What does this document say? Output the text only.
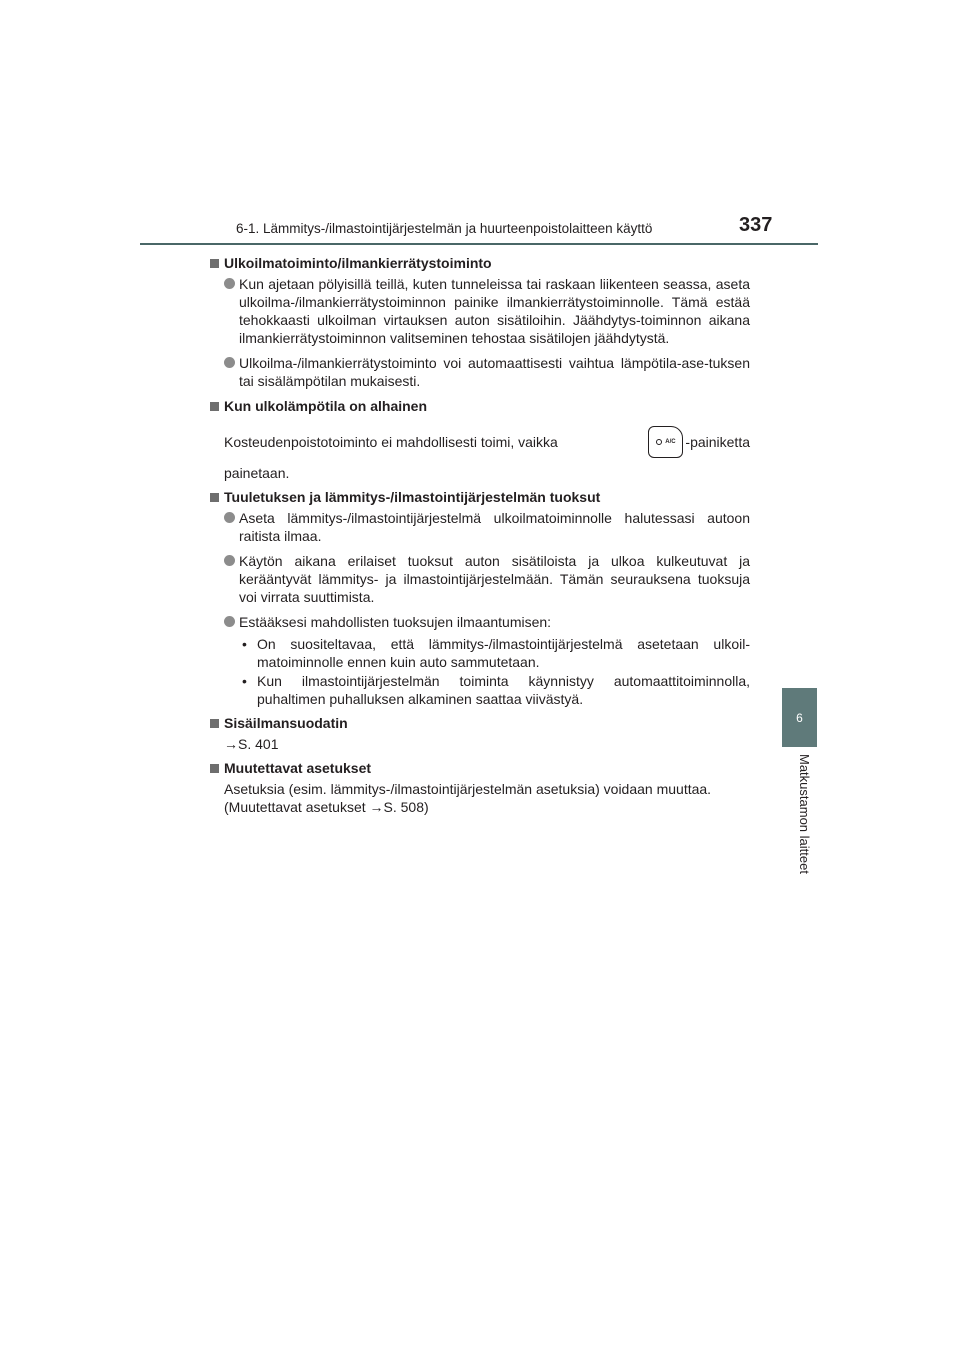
6-1. Lämmitys-/ilmastointijärjestelmän ja huurteenpoistolaitteen käyttö	337
6
Matkustamon laitteet
Ulkoilmatoiminto/ilmankierrätystoiminto
Kun ajetaan pölyisillä teillä, kuten tunneleissa tai raskaan liikenteen seassa, aseta ulkoilma-/ilmankierrätystoiminnon painike ilmankierrätystoiminnolle. Tämä estää tehokkaasti ulkoilman virtauksen auton sisätiloihin. Jäähdytys-toiminnon aikana ilmankierrätystoiminnon valitseminen tehostaa sisätilojen jäähdytystä.
Ulkoilma-/ilmankierrätystoiminto voi automaattisesti vaihtua lämpötila-ase-tuksen tai sisälämpötilan mukaisesti.
Kun ulkolämpötila on alhainen
Kosteudenpoistotoiminto ei mahdollisesti toimi, vaikka	A/C -painiketta
painetaan.
Tuuletuksen ja lämmitys-/ilmastointijärjestelmän tuoksut
Aseta lämmitys-/ilmastointijärjestelmä ulkoilmatoiminnolle halutessasi autoon raitista ilmaa.
Käytön aikana erilaiset tuoksut auton sisätiloista ja ulkoa kulkeutuvat ja kerääntyvät lämmitys- ja ilmastointijärjestelmään. Tämän seurauksena tuoksuja voi virrata suuttimista.
Estääksesi mahdollisten tuoksujen ilmaantumisen:
• On suositeltavaa, että lämmitys-/ilmastointijärjestelmä asetetaan ulkoil-matoiminnolle ennen kuin auto sammutetaan.
• Kun ilmastointijärjestelmän toiminta käynnistyy automaattitoiminnolla, puhaltimen puhalluksen alkaminen saattaa viivästyä.
Sisäilmansuodatin
→S. 401
Muutettavat asetukset
Asetuksia (esim. lämmitys-/ilmastointijärjestelmän asetuksia) voidaan muuttaa.
(Muutettavat asetukset →S. 508)
